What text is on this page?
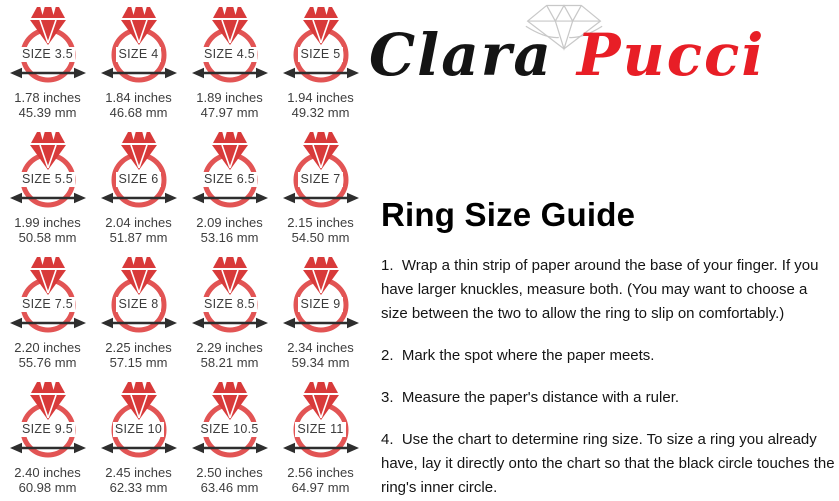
SIZE 3.5
1.78 inches
45.39 mm
SIZE 4
1.84 inches
46.68 mm
SIZE 4.5
1.89 inches
47.97 mm
SIZE 5
1.94 inches
49.32 mm
SIZE 5.5
1.99 inches
50.58 mm
SIZE 6
2.04 inches
51.87 mm
SIZE 6.5
2.09 inches
53.16 mm
SIZE 7
2.15 inches
54.50 mm
SIZE 7.5
2.20 inches
55.76 mm
SIZE 8
2.25 inches
57.15 mm
SIZE 8.5
2.29 inches
58.21 mm
SIZE 9
2.34 inches
59.34 mm
SIZE 9.5
2.40 inches
60.98 mm
SIZE 10
2.45 inches
62.33 mm
SIZE 10.5
2.50 inches
63.46 mm
SIZE 11
2.56 inches
64.97 mm
Clara Pucci
Ring Size Guide

1.  Wrap a thin strip of paper around the base of your finger. If you have larger knuckles, measure both. (You may want to choose a size between the two to allow the ring to slip on comfortably.)

2.  Mark the spot where the paper meets.

3.  Measure the paper's distance with a ruler.

4.  Use the chart to determine ring size. To size a ring you already have, lay it directly onto the chart so that the black circle touches the ring's inner circle.
